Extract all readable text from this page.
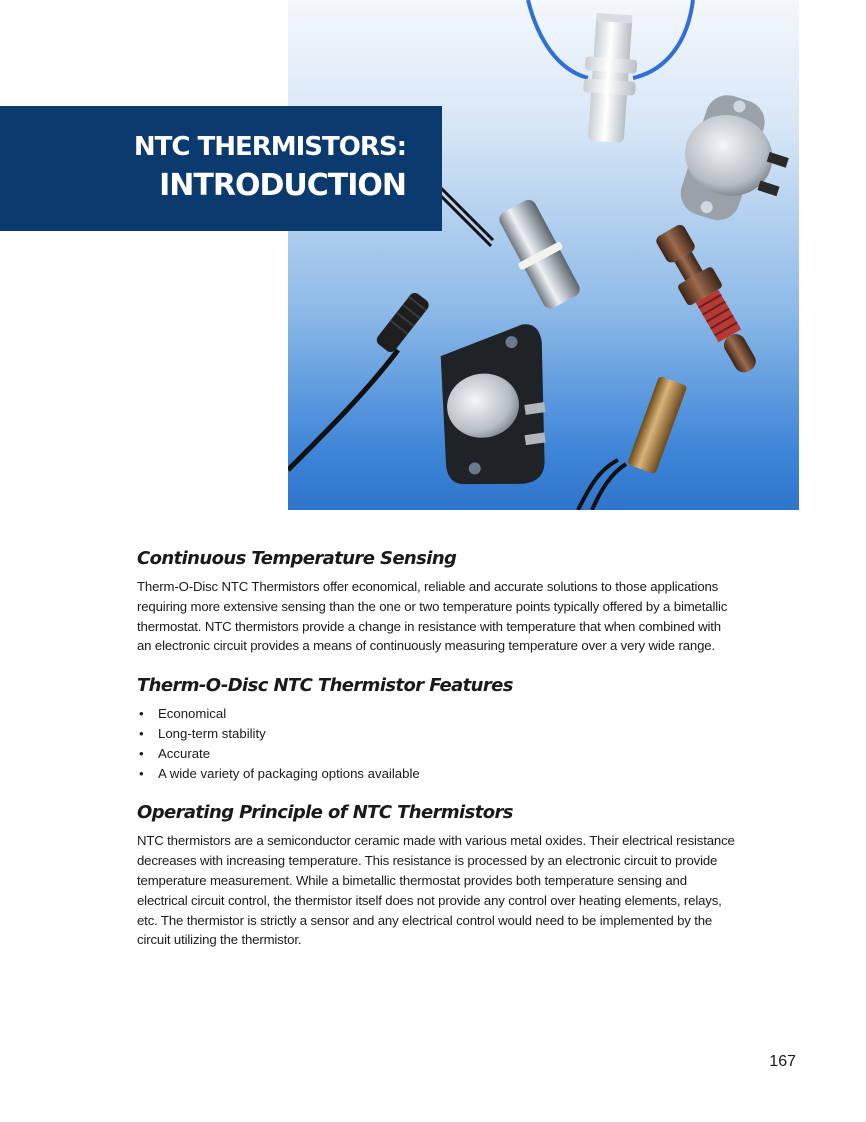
NTC THERMISTORS:
INTRODUCTION
Continuous Temperature Sensing

Therm-O-Disc NTC Thermistors offer economical, reliable and accurate solutions to those applications requiring more extensive sensing than the one or two temperature points typically offered by a bimetallic thermostat. NTC thermistors provide a change in resistance with temperature that when combined with an electronic circuit provides a means of continuously measuring temperature over a very wide range.

Therm-O-Disc NTC Thermistor Features
• Economical
• Long-term stability
• Accurate
• A wide variety of packaging options available
Operating Principle of NTC Thermistors

NTC thermistors are a semiconductor ceramic made with various metal oxides. Their electrical resistance decreases with increasing temperature. This resistance is processed by an electronic circuit to provide temperature measurement. While a bimetallic thermostat provides both temperature sensing and electrical circuit control, the thermistor itself does not provide any control over heating elements, relays, etc. The thermistor is strictly a sensor and any electrical control would need to be implemented by the circuit utilizing the thermistor.

167
